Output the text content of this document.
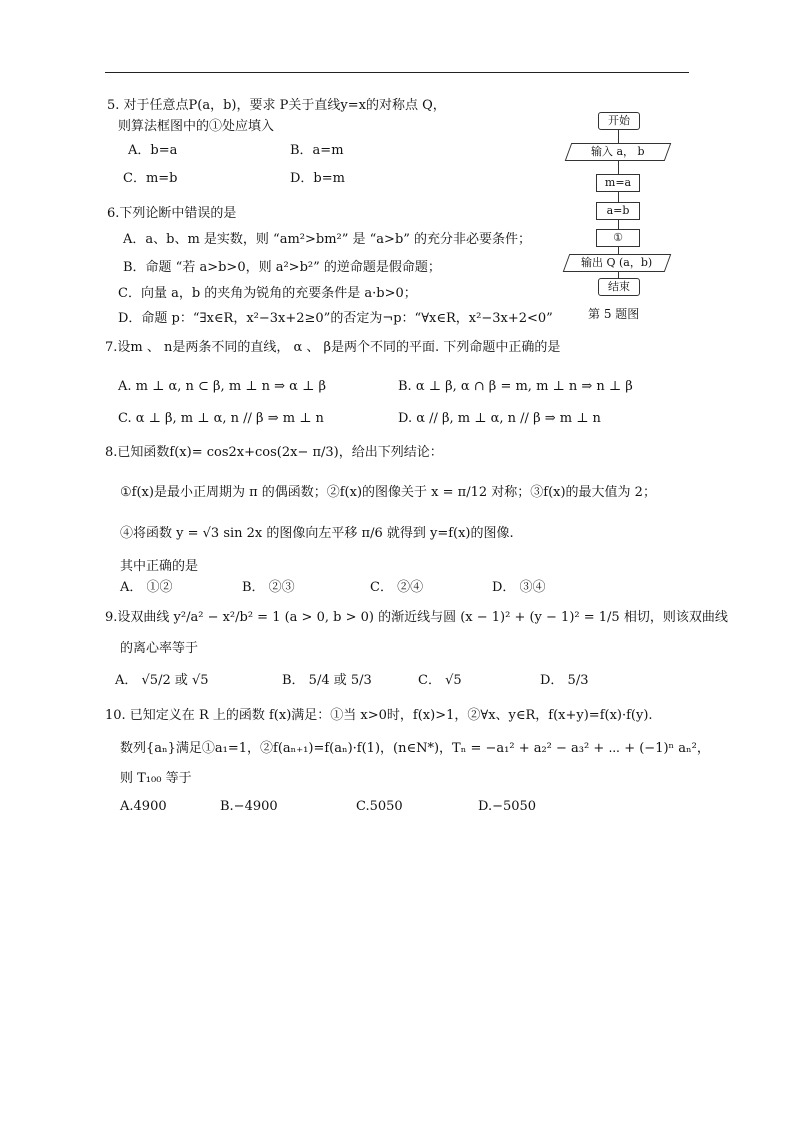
5. 对于任意点P(a，b)，要求 P关于直线y=x的对称点 Q，
则算法框图中的①处应填入
A．b=a	B．a=m
C．m=b	D．b=m
开始
输入 a， b
m=a
a=b
①
输出 Q (a，b)
结束
第 5 题图
6.下列论断中错误的是
A．a、b、m 是实数，则 “am²>bm²” 是 “a>b” 的充分非必要条件；
B．命题 “若 a>b>0，则 a²>b²” 的逆命题是假命题；
C．向量 a，b 的夹角为锐角的充要条件是 a·b>0；
D．命题 p：“∃x∈R，x²−3x+2≥0”的否定为¬p：“∀x∈R，x²−3x+2<0”
7.设m 、 n是两条不同的直线， α 、 β是两个不同的平面. 下列命题中正确的是
A. m ⊥ α, n ⊂ β, m ⊥ n ⇒ α ⊥ β	B. α ⊥ β, α ∩ β = m, m ⊥ n ⇒ n ⊥ β
C. α ⊥ β, m ⊥ α, n // β ⇒ m ⊥ n	D. α // β, m ⊥ α, n // β ⇒ m ⊥ n
8.已知函数f(x)= cos2x+cos(2x− π/3)，给出下列结论：
①f(x)是最小正周期为 π 的偶函数；②f(x)的图像关于 x = π/12 对称；③f(x)的最大值为 2；
④将函数 y = √3 sin 2x 的图像向左平移 π/6 就得到 y=f(x)的图像.
其中正确的是
A． ①②	B． ②③	C． ②④	D． ③④
9.设双曲线 y²/a² − x²/b² = 1 (a > 0, b > 0) 的渐近线与圆 (x − 1)² + (y − 1)² = 1/5 相切，则该双曲线
的离心率等于
A． √5/2 或 √5	B． 5/4 或 5/3	C． √5	D． 5/3
10. 已知定义在 R 上的函数 f(x)满足：①当 x>0时，f(x)>1，②∀x、y∈R，f(x+y)=f(x)·f(y).
数列{aₙ}满足①a₁=1，②f(aₙ₊₁)=f(aₙ)·f(1)，(n∈N*)，Tₙ = −a₁² + a₂² − a₃² + ⋯ + (−1)ⁿ aₙ²，
则 T₁₀₀ 等于
A.4900	B.−4900	C.5050	D.−5050
